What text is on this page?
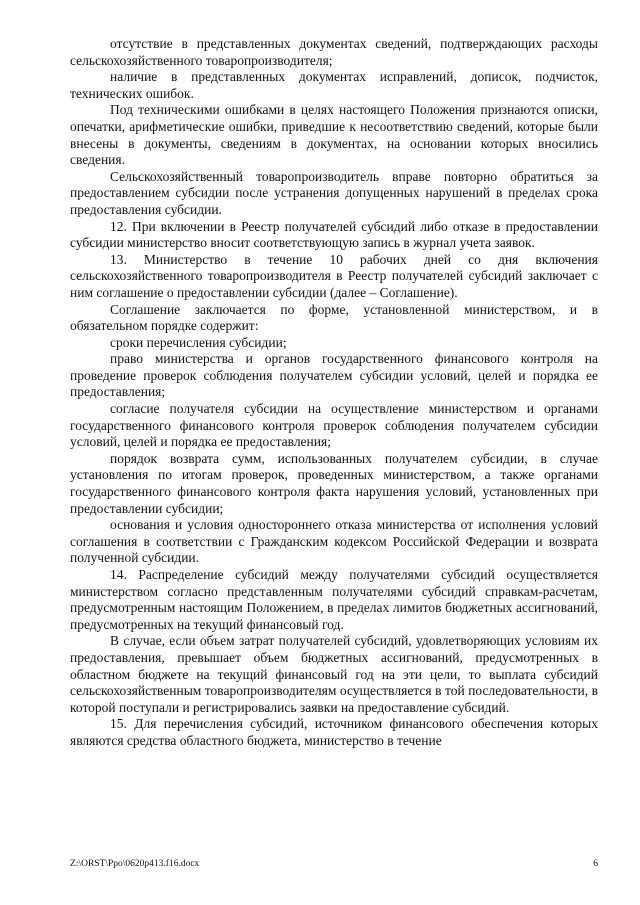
отсутствие в представленных документах сведений, подтверждающих расходы сельскохозяйственного товаропроизводителя;

наличие в представленных документах исправлений, дописок, подчисток, технических ошибок.

Под техническими ошибками в целях настоящего Положения признаются описки, опечатки, арифметические ошибки, приведшие к несоответствию сведений, которые были внесены в документы, сведениям в документах, на основании которых вносились сведения.

Сельскохозяйственный товаропроизводитель вправе повторно обратиться за предоставлением субсидии после устранения допущенных нарушений в пределах срока предоставления субсидии.

12. При включении в Реестр получателей субсидий либо отказе в предоставлении субсидии министерство вносит соответствующую запись в журнал учета заявок.

13. Министерство в течение 10 рабочих дней со дня включения сельскохозяйственного товаропроизводителя в Реестр получателей субсидий заключает с ним соглашение о предоставлении субсидии (далее – Соглашение).

Соглашение заключается по форме, установленной министерством, и в обязательном порядке содержит:

сроки перечисления субсидии;

право министерства и органов государственного финансового контроля на проведение проверок соблюдения получателем субсидии условий, целей и порядка ее предоставления;

согласие получателя субсидии на осуществление министерством и органами государственного финансового контроля проверок соблюдения получателем субсидии условий, целей и порядка ее предоставления;

порядок возврата сумм, использованных получателем субсидии, в случае установления по итогам проверок, проведенных министерством, а также органами государственного финансового контроля факта нарушения условий, установленных при предоставлении субсидии;

основания и условия одностороннего отказа министерства от исполнения условий соглашения в соответствии с Гражданским кодексом Российской Федерации и возврата полученной субсидии.

14. Распределение субсидий между получателями субсидий осуществляется министерством согласно представленным получателями субсидий справкам-расчетам, предусмотренным настоящим Положением, в пределах лимитов бюджетных ассигнований, предусмотренных на текущий финансовый год.

В случае, если объем затрат получателей субсидий, удовлетворяющих условиям их предоставления, превышает объем бюджетных ассигнований, предусмотренных в областном бюджете на текущий финансовый год на эти цели, то выплата субсидий сельскохозяйственным товаропроизводителям осуществляется в той последовательности, в которой поступали и регистрировались заявки на предоставление субсидий.

15. Для перечисления субсидий, источником финансового обеспечения которых являются средства областного бюджета, министерство в течение

Z:\ORST\Ppo\0620p413.f16.docx	6
